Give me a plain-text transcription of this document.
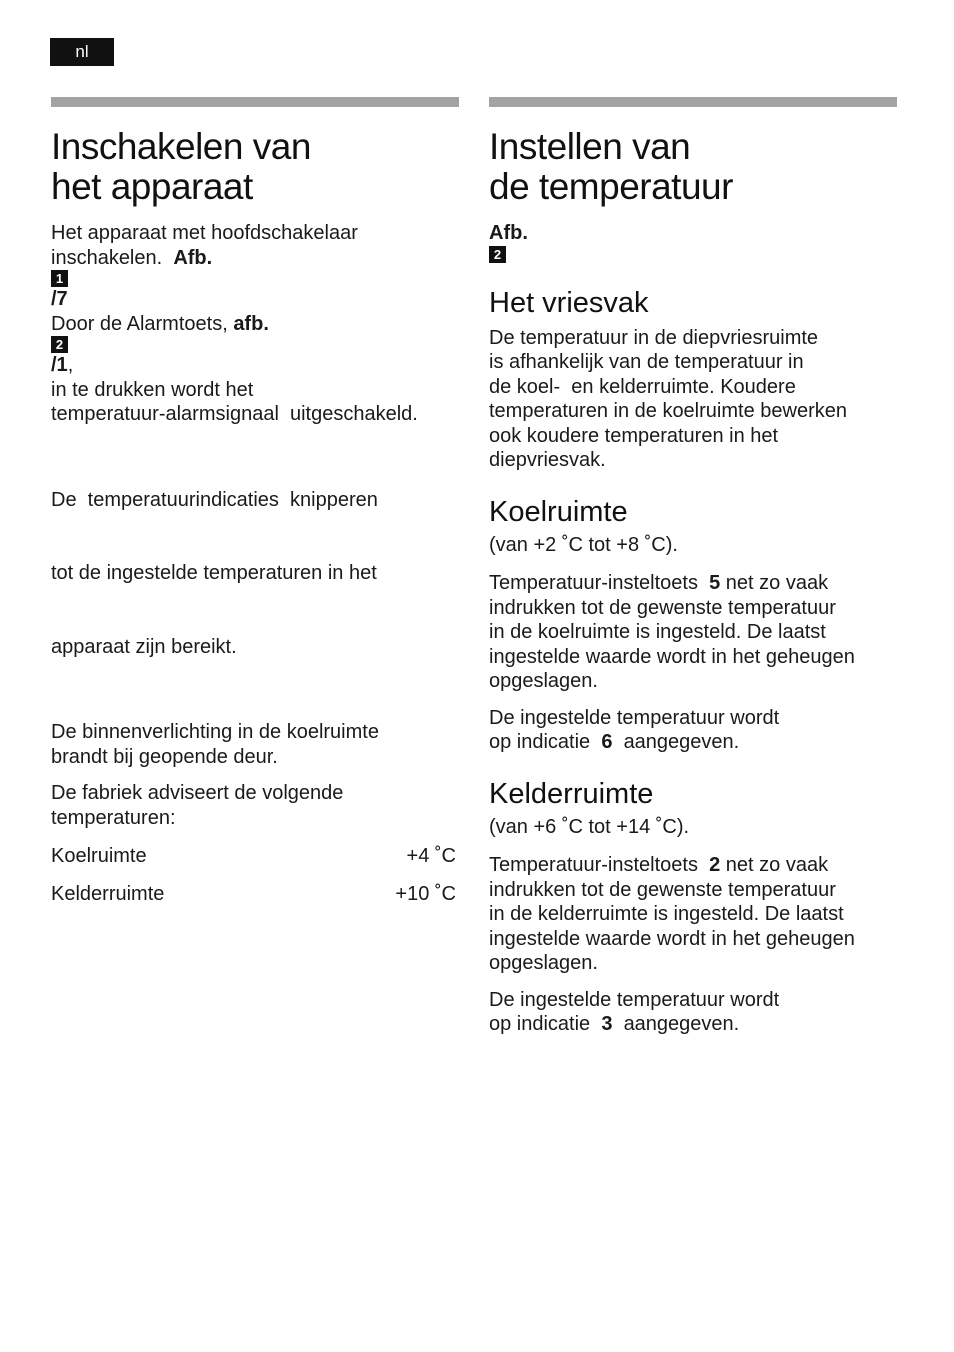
nl
Inschakelen van
het apparaat
Het apparaat met hoofdschakelaar
inschakelen. Afb.
1
/7
Door de Alarmtoets, afb.
2
/1,
in te drukken wordt het
temperatuur-alarmsignaal  uitgeschakeld.

De  temperatuurindicaties  knipperen

tot de ingestelde temperaturen in het

apparaat zijn bereikt.

De binnenverlichting in de koelruimte
brandt bij geopende deur.
De fabriek adviseert de volgende
temperaturen:
Koelruimte	+4 ˚C
Kelderruimte	+10 ˚C
Instellen van
de temperatuur
Afb.
2
Het vriesvak
De temperatuur in de diepvriesruimte
is afhankelijk van de temperatuur in
de koel-  en kelderruimte. Koudere
temperaturen in de koelruimte bewerken
ook koudere temperaturen in het
diepvriesvak.
Koelruimte
(van +2 ˚C tot +8 ˚C).
Temperatuur-insteltoets 5 net zo vaak
indrukken tot de gewenste temperatuur
in de koelruimte is ingesteld. De laatst
ingestelde waarde wordt in het geheugen
opgeslagen.
De ingestelde temperatuur wordt
op indicatie 6 aangegeven.
Kelderruimte
(van +6 ˚C tot +14 ˚C).
Temperatuur-insteltoets 2 net zo vaak
indrukken tot de gewenste temperatuur
in de kelderruimte is ingesteld. De laatst
ingestelde waarde wordt in het geheugen
opgeslagen.
De ingestelde temperatuur wordt
op indicatie 3 aangegeven.
